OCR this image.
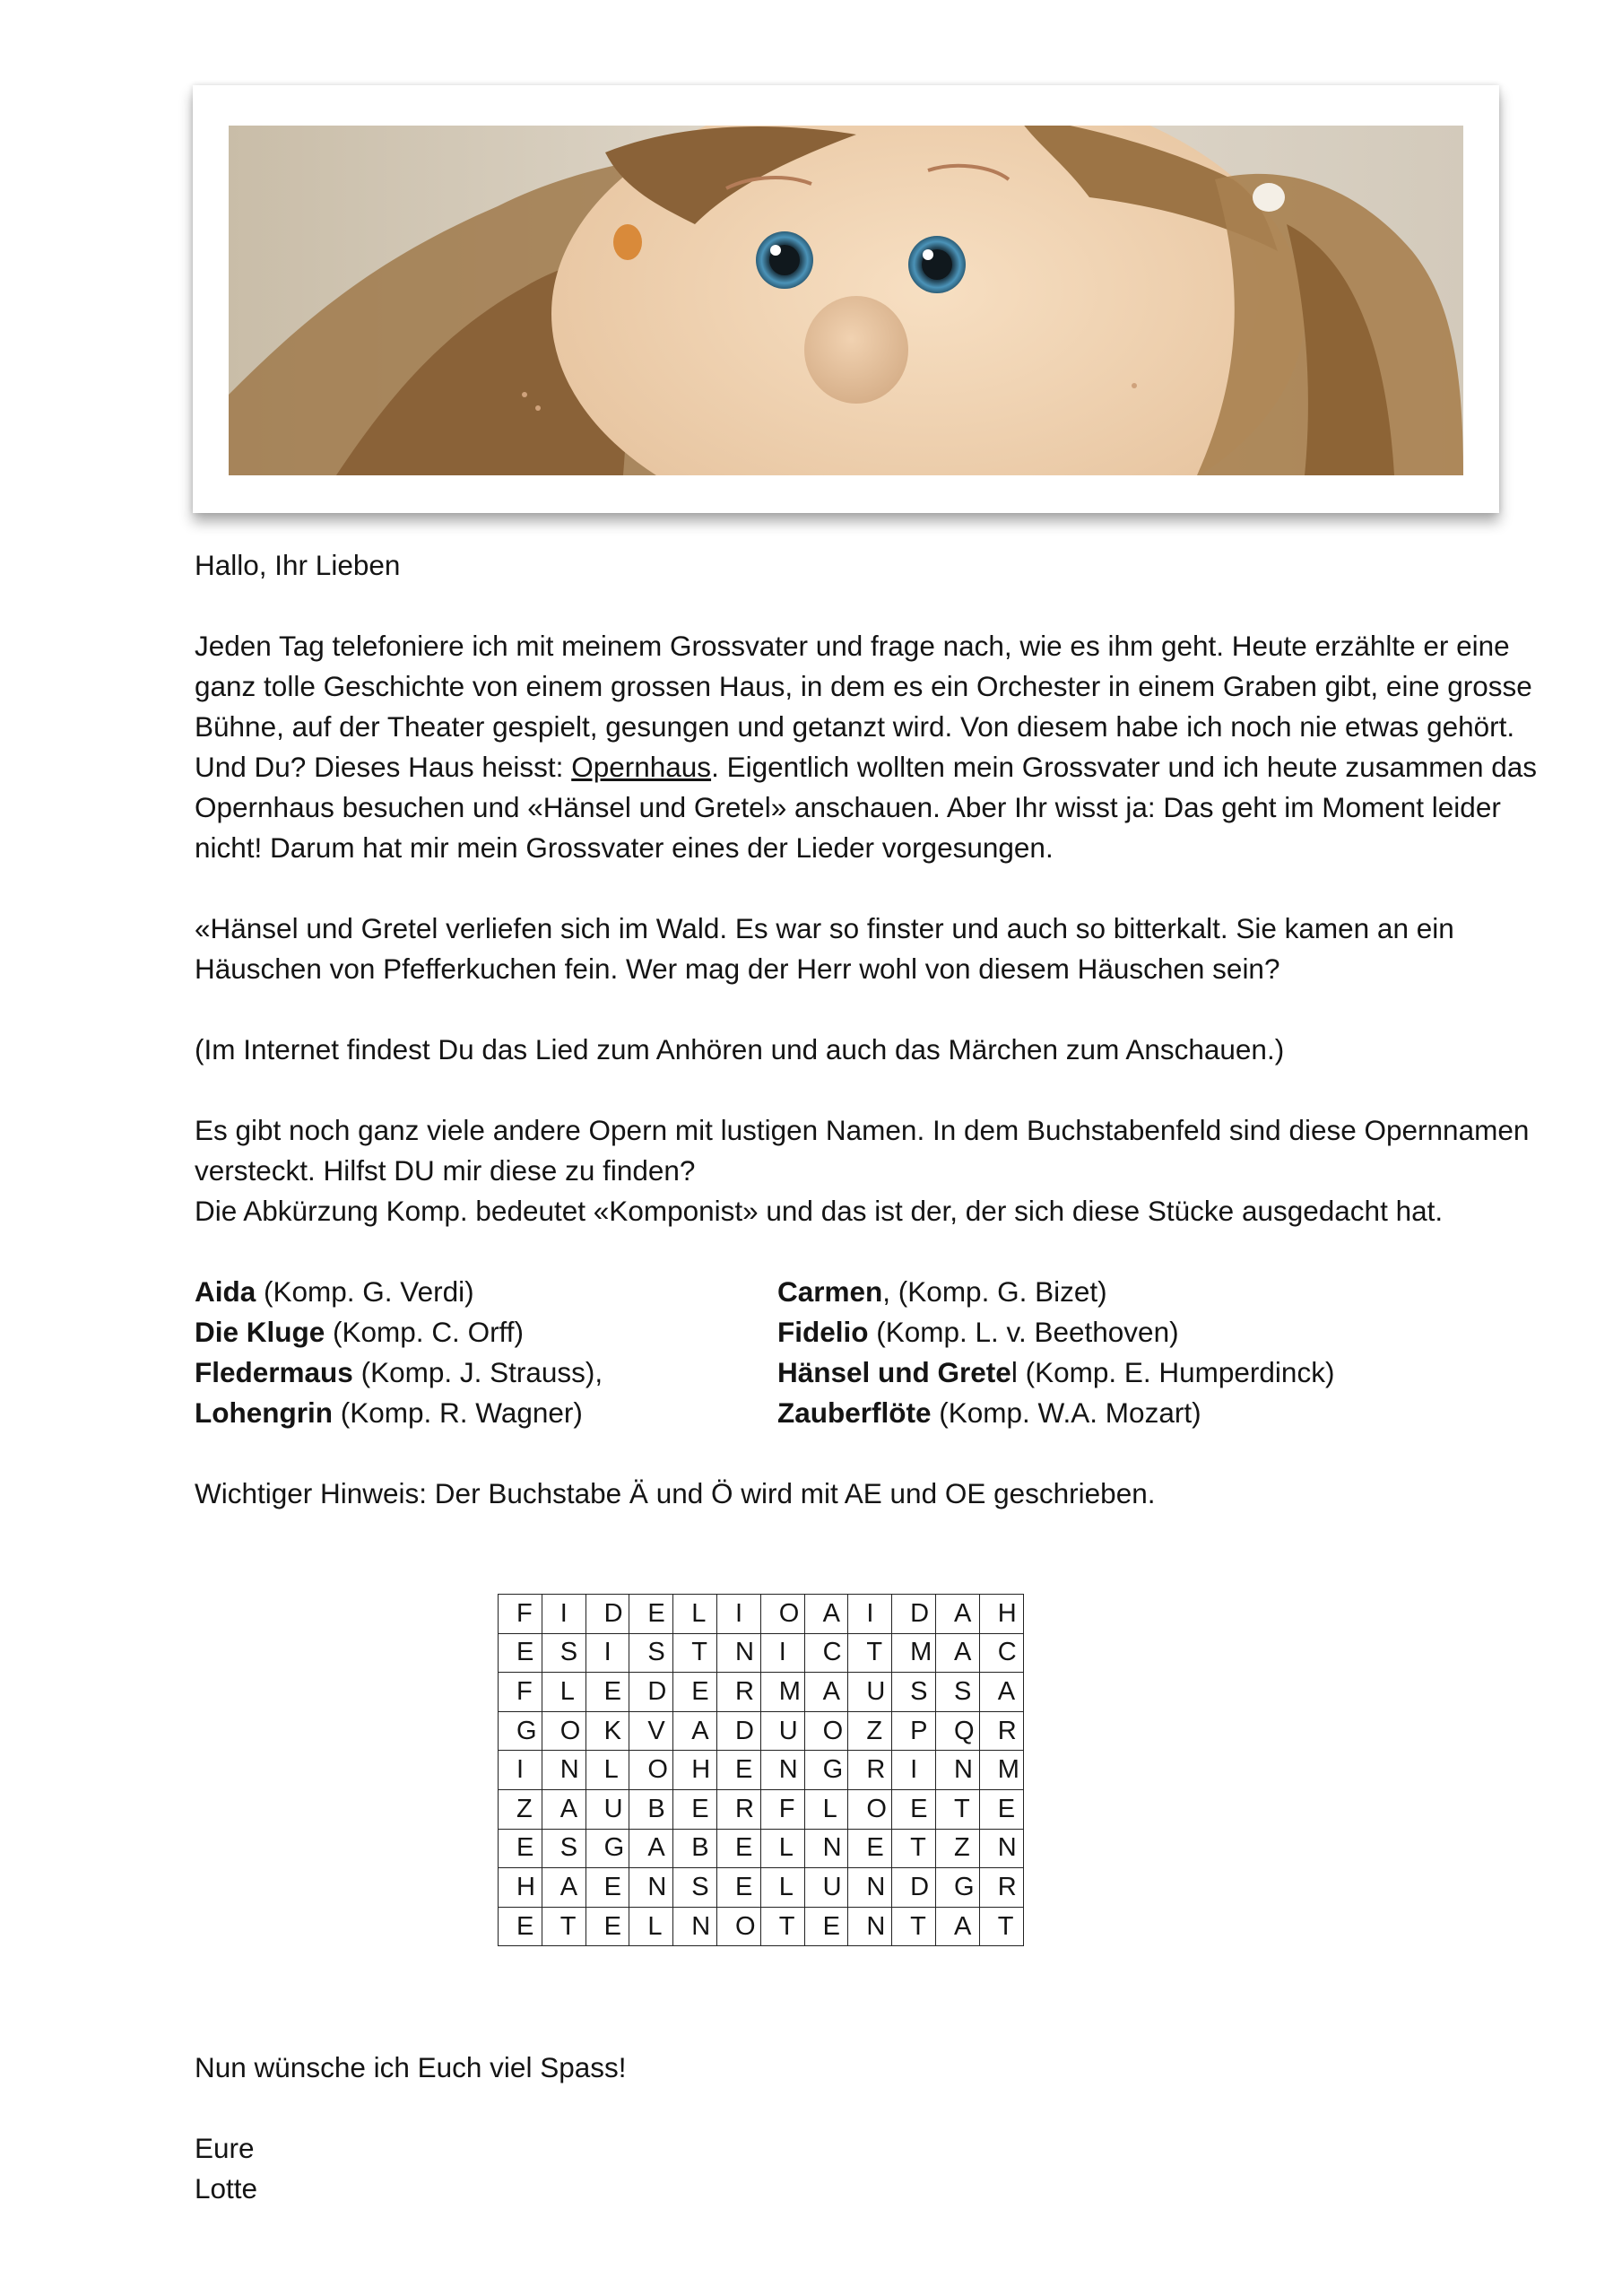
Hallo, Ihr Lieben

Jeden Tag telefoniere ich mit meinem Grossvater und frage nach, wie es ihm geht. Heute erzählte er eine ganz tolle Geschichte von einem grossen Haus, in dem es ein Orchester in einem Graben gibt, eine grosse Bühne, auf der Theater gespielt, gesungen und getanzt wird. Von diesem habe ich noch nie etwas gehört. Und Du? Dieses Haus heisst: Opernhaus. Eigentlich wollten mein Grossvater und ich heute zusammen das Opernhaus besuchen und «Hänsel und Gretel» anschauen. Aber Ihr wisst ja: Das geht im Moment leider nicht! Darum hat mir mein Grossvater eines der Lieder vorgesungen.

«Hänsel und Gretel verliefen sich im Wald. Es war so finster und auch so bitterkalt. Sie kamen an ein Häuschen von Pfefferkuchen fein. Wer mag der Herr wohl von diesem Häuschen sein?

(Im Internet findest Du das Lied zum Anhören und auch das Märchen zum Anschauen.)

Es gibt noch ganz viele andere Opern mit lustigen Namen. In dem Buchstabenfeld sind diese Opernnamen versteckt. Hilfst DU mir diese zu finden?

Die Abkürzung Komp. bedeutet «Komponist» und das ist der, der sich diese Stücke ausgedacht hat.

Aida (Komp. G. Verdi)	Carmen, (Komp. G. Bizet)
Die Kluge (Komp. C. Orff)	Fidelio (Komp. L. v. Beethoven)
Fledermaus (Komp. J. Strauss),	Hänsel und Gretel (Komp. E. Humperdinck)
Lohengrin (Komp. R. Wagner)	Zauberflöte (Komp. W.A. Mozart)

Wichtiger Hinweis: Der Buchstabe Ä und Ö wird mit AE und OE geschrieben.

F	I	D	E	L	I	O	A	I	D	A	H
E	S	I	S	T	N	I	C	T	M	A	C
F	L	E	D	E	R	M	A	U	S	S	A
G	O	K	V	A	D	U	O	Z	P	Q	R
I	N	L	O	H	E	N	G	R	I	N	M
Z	A	U	B	E	R	F	L	O	E	T	E
E	S	G	A	B	E	L	N	E	T	Z	N
H	A	E	N	S	E	L	U	N	D	G	R
E	T	E	L	N	O	T	E	N	T	A	T

Nun wünsche ich Euch viel Spass!

Eure

Lotte
